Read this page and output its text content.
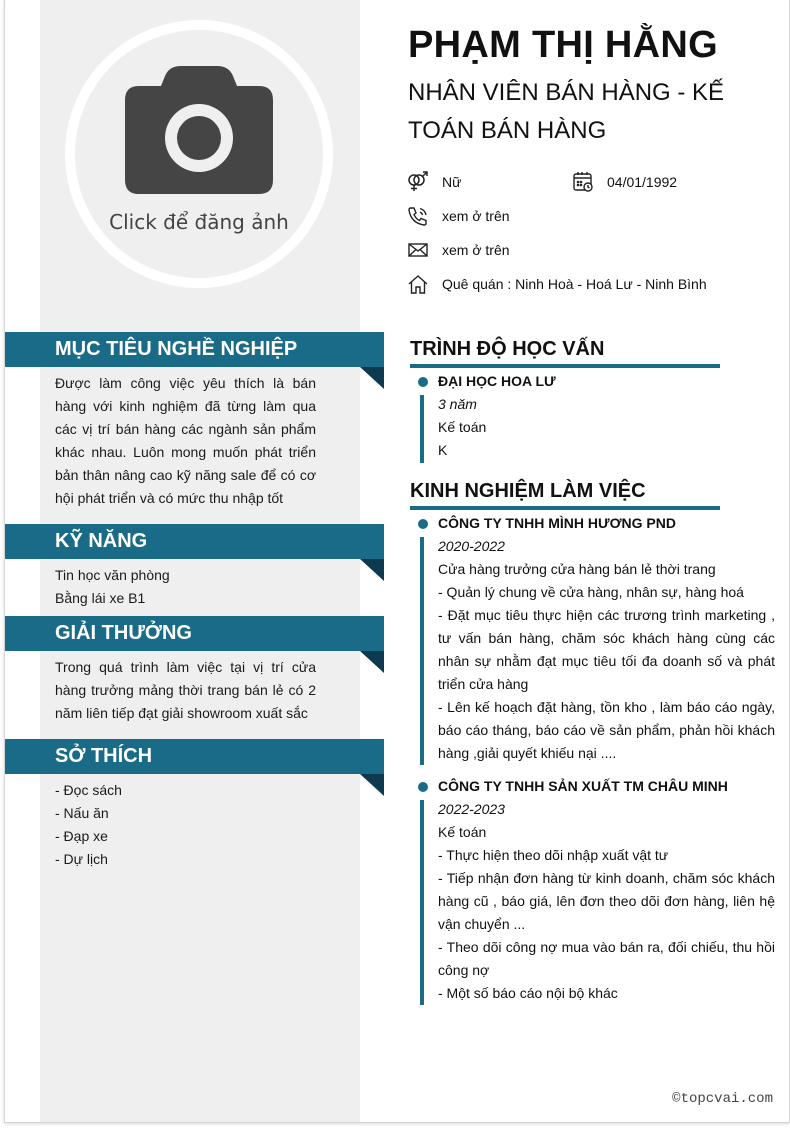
Click để đăng ảnh
PHẠM THỊ HẰNG
NHÂN VIÊN BÁN HÀNG - KẾ TOÁN BÁN HÀNG
Nữ	04/01/1992
xem ở trên
xem ở trên
Quê quán : Ninh Hoà - Hoá Lư - Ninh Bình
MỤC TIÊU NGHỀ NGHIỆP
Được làm công việc yêu thích là bán hàng với kinh nghiệm đã từng làm qua các vị trí bán hàng các ngành sản phẩm khác nhau. Luôn mong muốn phát triển bản thân nâng cao kỹ năng sale để có cơ hội phát triển và có mức thu nhập tốt
KỸ NĂNG
Tin học văn phòng
Bằng lái xe B1
GIẢI THƯỞNG
Trong quá trình làm việc tại vị trí cửa hàng trưởng mảng thời trang bán lẻ có 2 năm liên tiếp đạt giải showroom xuất sắc
SỞ THÍCH
- Đọc sách
- Nấu ăn
- Đạp xe
- Dự lịch
TRÌNH ĐỘ HỌC VẤN
ĐẠI HỌC HOA LƯ
3 năm
Kế toán
K
KINH NGHIỆM LÀM VIỆC
CÔNG TY TNHH MÌNH HƯƠNG PND
2020-2022
Cửa hàng trưởng cửa hàng bán lẻ thời trang
- Quản lý chung về cửa hàng, nhân sự, hàng hoá
- Đặt mục tiêu thực hiện các trương trình marketing , tư vấn bán hàng, chăm sóc khách hàng cùng các nhân sự nhằm đạt mục tiêu tối đa doanh số và phát triển cửa hàng
- Lên kế hoạch đặt hàng, tồn kho , làm báo cáo ngày, báo cáo tháng, báo cáo về sản phẩm, phản hồi khách hàng ,giải quyết khiếu nại ....
CÔNG TY TNHH SẢN XUẤT TM CHÂU MINH
2022-2023
Kế toán
- Thực hiện theo dõi nhập xuất vật tư
- Tiếp nhận đơn hàng từ kinh doanh, chăm sóc khách hàng cũ , báo giá, lên đơn theo dõi đơn hàng, liên hệ vận chuyển ...
- Theo dõi công nợ mua vào bán ra, đối chiếu, thu hồi công nợ
- Một số báo cáo nội bộ khác
©topcvai.com
